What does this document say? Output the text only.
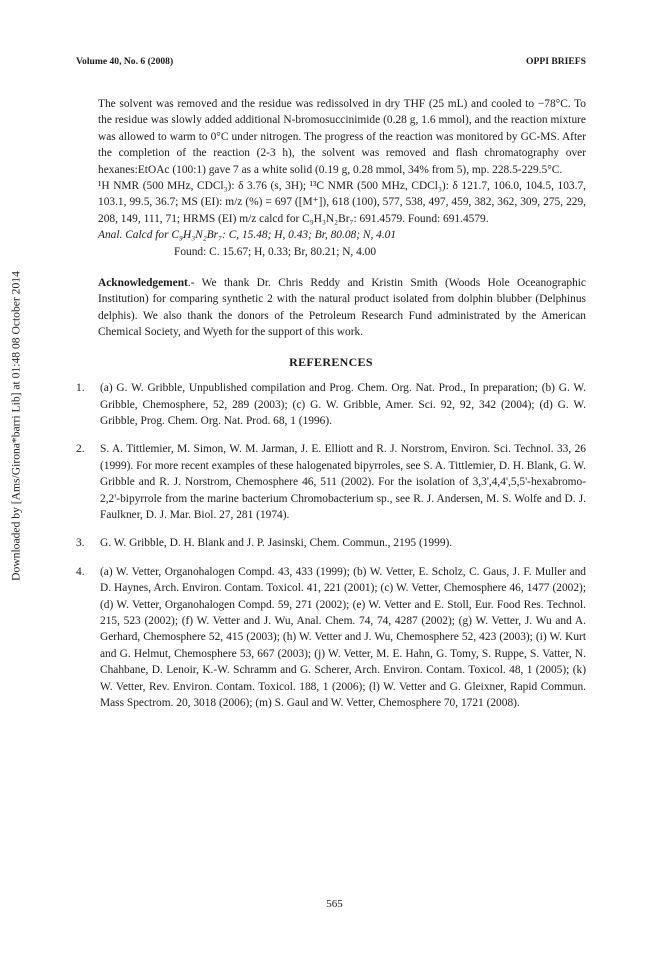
Downloaded by [Ams/Girona*barri Lib] at 01:48 08 October 2014
Volume 40, No. 6 (2008)	OPPI BRIEFS

The solvent was removed and the residue was redissolved in dry THF (25 mL) and cooled to −78°C. To the residue was slowly added additional N-bromosuccinimide (0.28 g, 1.6 mmol), and the reaction mixture was allowed to warm to 0°C under nitrogen. The progress of the reaction was monitored by GC-MS. After the completion of the reaction (2-3 h), the solvent was removed and flash chromatography over hexanes:EtOAc (100:1) gave 7 as a white solid (0.19 g, 0.28 mmol, 34% from 5), mp. 228.5-229.5°C.

¹H NMR (500 MHz, CDCl₃): δ 3.76 (s, 3H); ¹³C NMR (500 MHz, CDCl₃): δ 121.7, 106.0, 104.5, 103.7, 103.1, 99.5, 36.7; MS (EI): m/z (%) = 697 ([M⁺]), 618 (100), 577, 538, 497, 459, 382, 362, 309, 275, 229, 208, 149, 111, 71; HRMS (EI) m/z calcd for C₉H₃N₂Br₇: 691.4579. Found: 691.4579.

Anal. Calcd for C₉H₃N₂Br₇: C, 15.48; H, 0.43; Br, 80.08; N, 4.01

Found: C. 15.67; H, 0.33; Br, 80.21; N, 4.00

Acknowledgement.- We thank Dr. Chris Reddy and Kristin Smith (Woods Hole Oceanographic Institution) for comparing synthetic 2 with the natural product isolated from dolphin blubber (Delphinus delphis). We also thank the donors of the Petroleum Research Fund administrated by the American Chemical Society, and Wyeth for the support of this work.

REFERENCES

1.	(a) G. W. Gribble, Unpublished compilation and Prog. Chem. Org. Nat. Prod., In preparation; (b) G. W. Gribble, Chemosphere, 52, 289 (2003); (c) G. W. Gribble, Amer. Sci. 92, 92, 342 (2004); (d) G. W. Gribble, Prog. Chem. Org. Nat. Prod. 68, 1 (1996).
2.	S. A. Tittlemier, M. Simon, W. M. Jarman, J. E. Elliott and R. J. Norstrom, Environ. Sci. Technol. 33, 26 (1999). For more recent examples of these halogenated bipyrroles, see S. A. Tittlemier, D. H. Blank, G. W. Gribble and R. J. Norstrom, Chemosphere 46, 511 (2002). For the isolation of 3,3',4,4',5,5'-hexabromo-2,2'-bipyrrole from the marine bacterium Chromobacterium sp., see R. J. Andersen, M. S. Wolfe and D. J. Faulkner, D. J. Mar. Biol. 27, 281 (1974).
3.	G. W. Gribble, D. H. Blank and J. P. Jasinski, Chem. Commun., 2195 (1999).
4.	(a) W. Vetter, Organohalogen Compd. 43, 433 (1999); (b) W. Vetter, E. Scholz, C. Gaus, J. F. Muller and D. Haynes, Arch. Environ. Contam. Toxicol. 41, 221 (2001); (c) W. Vetter, Chemosphere 46, 1477 (2002); (d) W. Vetter, Organohalogen Compd. 59, 271 (2002); (e) W. Vetter and E. Stoll, Eur. Food Res. Technol. 215, 523 (2002); (f) W. Vetter and J. Wu, Anal. Chem. 74, 74, 4287 (2002); (g) W. Vetter, J. Wu and A. Gerhard, Chemosphere 52, 415 (2003); (h) W. Vetter and J. Wu, Chemosphere 52, 423 (2003); (i) W. Kurt and G. Helmut, Chemosphere 53, 667 (2003); (j) W. Vetter, M. E. Hahn, G. Tomy, S. Ruppe, S. Vatter, N. Chahbane, D. Lenoir, K.-W. Schramm and G. Scherer, Arch. Environ. Contam. Toxicol. 48, 1 (2005); (k) W. Vetter, Rev. Environ. Contam. Toxicol. 188, 1 (2006); (l) W. Vetter and G. Gleixner, Rapid Commun. Mass Spectrom. 20, 3018 (2006); (m) S. Gaul and W. Vetter, Chemosphere 70, 1721 (2008).
565
